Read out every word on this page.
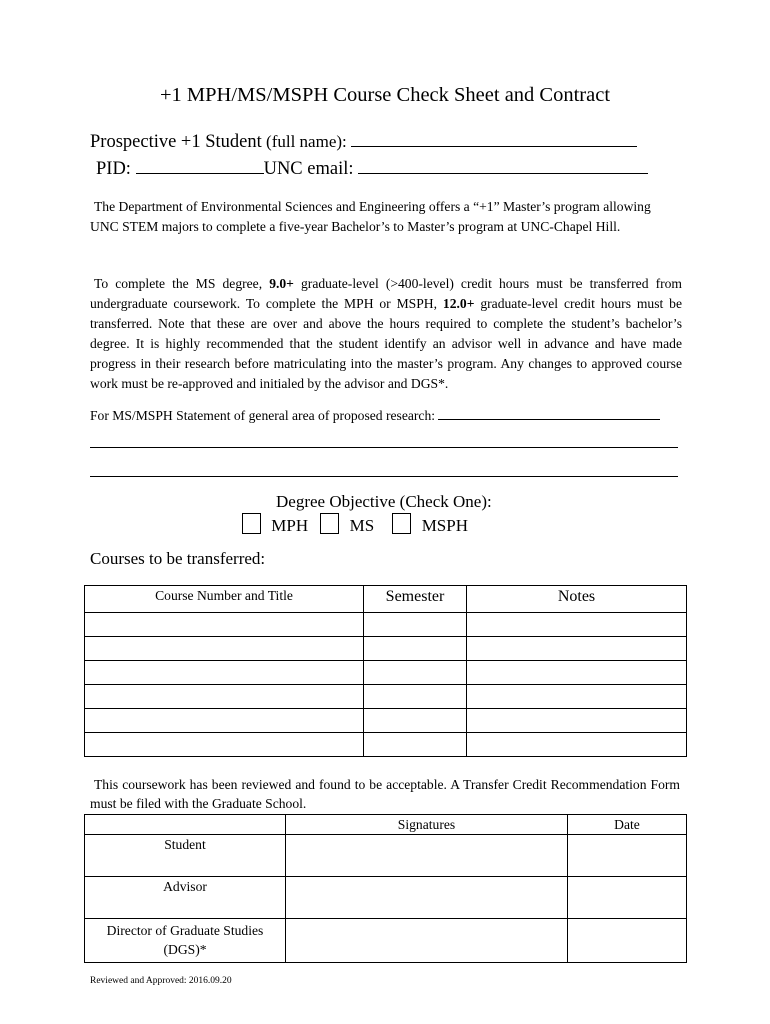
+1 MPH/MS/MSPH Course Check Sheet and Contract
Prospective +1 Student (full name):
PID:	UNC email:
The Department of Environmental Sciences and Engineering offers a “+1” Master’s program allowing UNC STEM majors to complete a five-year Bachelor’s to Master’s program at UNC-Chapel Hill.
To complete the MS degree, 9.0+ graduate-level (>400-level) credit hours must be transferred from undergraduate coursework. To complete the MPH or MSPH, 12.0+ graduate-level credit hours must be transferred. Note that these are over and above the hours required to complete the student’s bachelor’s degree. It is highly recommended that the student identify an advisor well in advance and have made progress in their research before matriculating into the master’s program. Any changes to approved course work must be re-approved and initialed by the advisor and DGS*.
For MS/MSPH Statement of general area of proposed research:
Degree Objective (Check One):
MPH MS	MSPH
Courses to be transferred:
Course Number and Title	Semester	Notes

This coursework has been reviewed and found to be acceptable. A Transfer Credit Recommendation Form must be filed with the Graduate School.
	Signatures	Date
Student		
Advisor		
Director of Graduate Studies (DGS)*		
Reviewed and Approved: 2016.09.20
